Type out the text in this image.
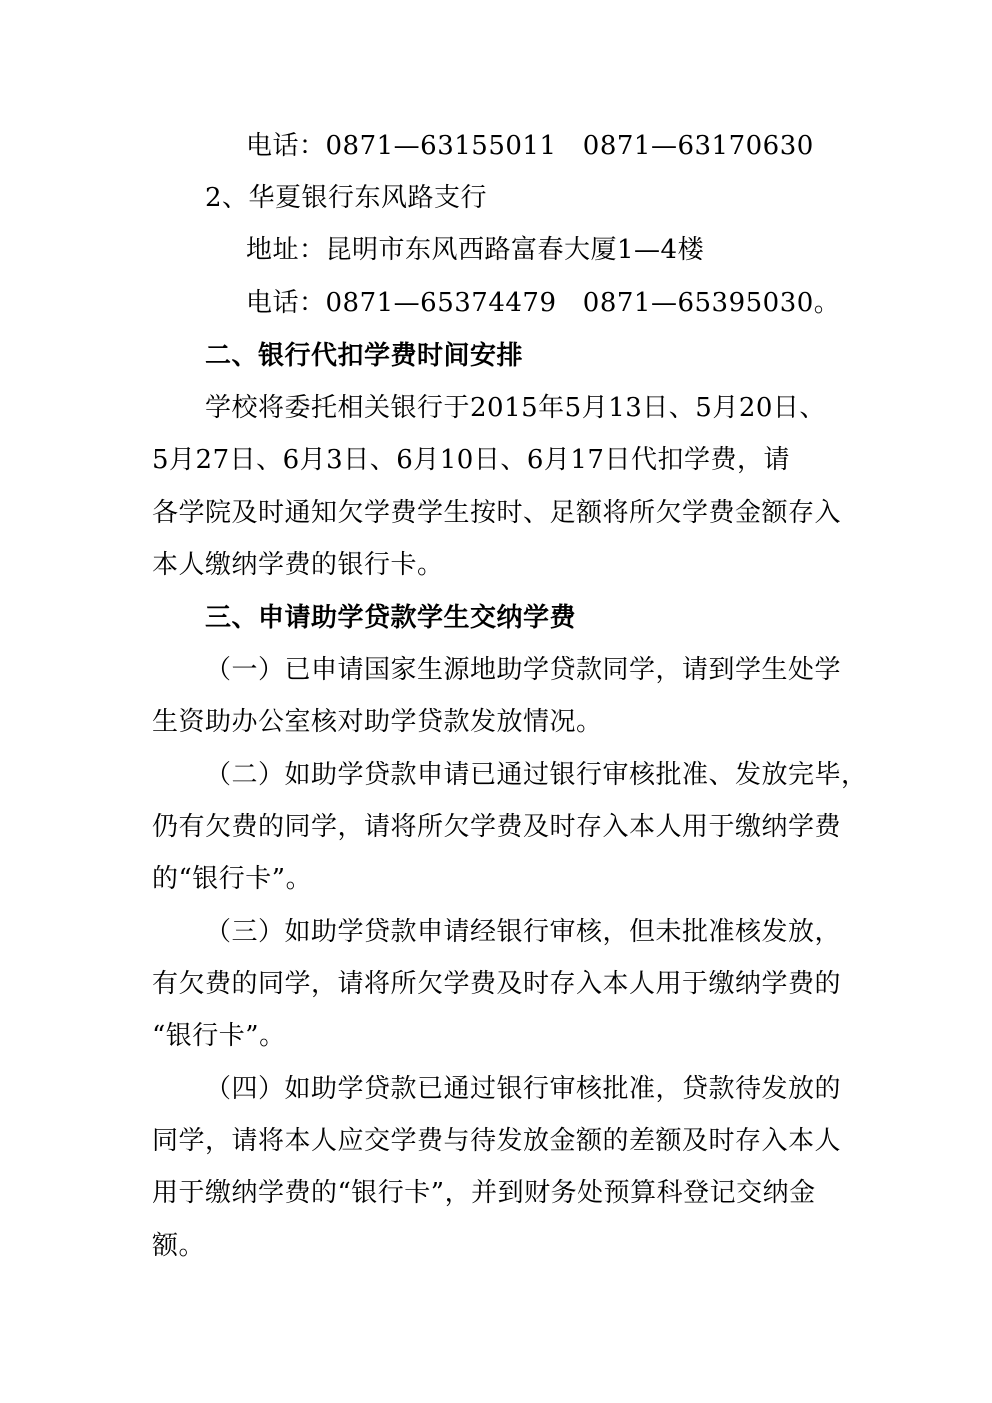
电话：0871—63155011   0871—63170630

2、华夏银行东风路支行

地址：昆明市东风西路富春大厦1—4楼

电话：0871—65374479   0871—65395030。

二、银行代扣学费时间安排

学校将委托相关银行于2015年5月13日、5月20日、

5月27日、6月3日、6月10日、6月17日代扣学费，请

各学院及时通知欠学费学生按时、足额将所欠学费金额存入

本人缴纳学费的银行卡。

三、申请助学贷款学生交纳学费

（一）已申请国家生源地助学贷款同学，请到学生处学

生资助办公室核对助学贷款发放情况。

（二）如助学贷款申请已通过银行审核批准、发放完毕，

仍有欠费的同学，请将所欠学费及时存入本人用于缴纳学费

的“银行卡”。

（三）如助学贷款申请经银行审核，但未批准核发放，

有欠费的同学，请将所欠学费及时存入本人用于缴纳学费的

“银行卡”。

（四）如助学贷款已通过银行审核批准，贷款待发放的

同学，请将本人应交学费与待发放金额的差额及时存入本人

用于缴纳学费的“银行卡”，并到财务处预算科登记交纳金

额。
